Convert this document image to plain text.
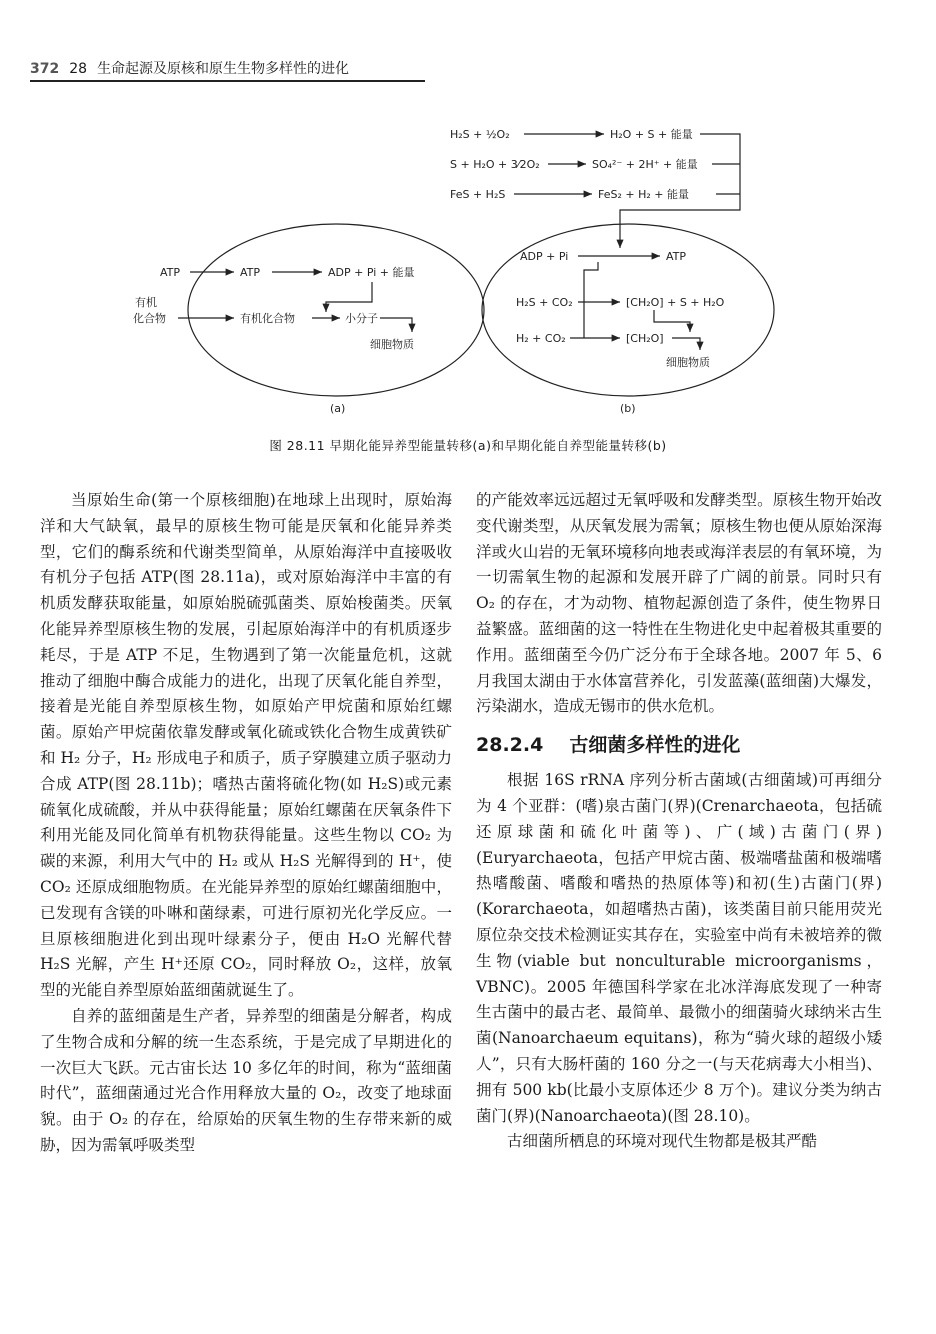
372 28 生命起源及原核和原生生物多样性的进化
H₂S + ½O₂	H₂O + S + 能量
S + H₂O + 3⁄2O₂	SO₄²⁻ + 2H⁺ + 能量
FeS + H₂S	FeS₂ + H₂ + 能量
ATP	ATP	ADP + Pi + 能量
有机
化合物	有机化合物	小分子
细胞物质
(a)
ADP + Pi	ATP
H₂S + CO₂	[CH₂O] + S + H₂O
H₂ + CO₂	[CH₂O]
细胞物质
(b)
图 28.11 早期化能异养型能量转移(a)和早期化能自养型能量转移(b)

当原始生命(第一个原核细胞)在地球上出现时，原始海洋和大气缺氧，最早的原核生物可能是厌氧和化能异养类型，它们的酶系统和代谢类型简单，从原始海洋中直接吸收有机分子包括 ATP(图 28.11a)，或对原始海洋中丰富的有机质发酵获取能量，如原始脱硫弧菌类、原始梭菌类。厌氧化能异养型原核生物的发展，引起原始海洋中的有机质逐步耗尽，于是 ATP 不足，生物遇到了第一次能量危机，这就推动了细胞中酶合成能力的进化，出现了厌氧化能自养型，接着是光能自养型原核生物，如原始产甲烷菌和原始红螺菌。原始产甲烷菌依靠发酵或氧化硫或铁化合物生成黄铁矿和 H₂ 分子，H₂ 形成电子和质子，质子穿膜建立质子驱动力合成 ATP(图 28.11b)；嗜热古菌将硫化物(如 H₂S)或元素硫氧化成硫酸，并从中获得能量；原始红螺菌在厌氧条件下利用光能及同化简单有机物获得能量。这些生物以 CO₂ 为碳的来源，利用大气中的 H₂ 或从 H₂S 光解得到的 H⁺，使 CO₂ 还原成细胞物质。在光能异养型的原始红螺菌细胞中，已发现有含镁的卟啉和菌绿素，可进行原初光化学反应。一旦原核细胞进化到出现叶绿素分子，便由 H₂O 光解代替 H₂S 光解，产生 H⁺还原 CO₂，同时释放 O₂，这样，放氧型的光能自养型原始蓝细菌就诞生了。

自养的蓝细菌是生产者，异养型的细菌是分解者，构成了生物合成和分解的统一生态系统，于是完成了早期进化的一次巨大飞跃。元古宙长达 10 多亿年的时间，称为“蓝细菌时代”，蓝细菌通过光合作用释放大量的 O₂，改变了地球面貌。由于 O₂ 的存在，给原始的厌氧生物的生存带来新的威胁，因为需氧呼吸类型

的产能效率远远超过无氧呼吸和发酵类型。原核生物开始改变代谢类型，从厌氧发展为需氧；原核生物也便从原始深海洋或火山岩的无氧环境移向地表或海洋表层的有氧环境，为一切需氧生物的起源和发展开辟了广阔的前景。同时只有 O₂ 的存在，才为动物、植物起源创造了条件，使生物界日益繁盛。蓝细菌的这一特性在生物进化史中起着极其重要的作用。蓝细菌至今仍广泛分布于全球各地。2007 年 5、6 月我国太湖由于水体富营养化，引发蓝藻(蓝细菌)大爆发，污染湖水，造成无锡市的供水危机。

28.2.4 古细菌多样性的进化

根据 16S rRNA 序列分析古菌域(古细菌域)可再细分为 4 个亚群：(嗜)泉古菌门(界)(Crenarchaeota，包括硫还原球菌和硫化叶菌等)、广(域)古菌门(界)(Euryarchaeota，包括产甲烷古菌、极端嗜盐菌和极端嗜热嗜酸菌、嗜酸和嗜热的热原体等)和初(生)古菌门(界)(Korarchaeota，如超嗜热古菌)，该类菌目前只能用荧光原位杂交技术检测证实其存在，实验室中尚有未被培养的微生物(viable but nonculturable microorganisms，VBNC)。2005 年德国科学家在北冰洋海底发现了一种寄生古菌中的最古老、最简单、最微小的细菌骑火球纳米古生菌(Nanoarchaeum equitans)，称为“骑火球的超级小矮人”，只有大肠杆菌的 160 分之一(与天花病毒大小相当)、拥有 500 kb(比最小支原体还少 8 万个)。建议分类为纳古菌门(界)(Nanoarchaeota)(图 28.10)。

古细菌所栖息的环境对现代生物都是极其严酷
